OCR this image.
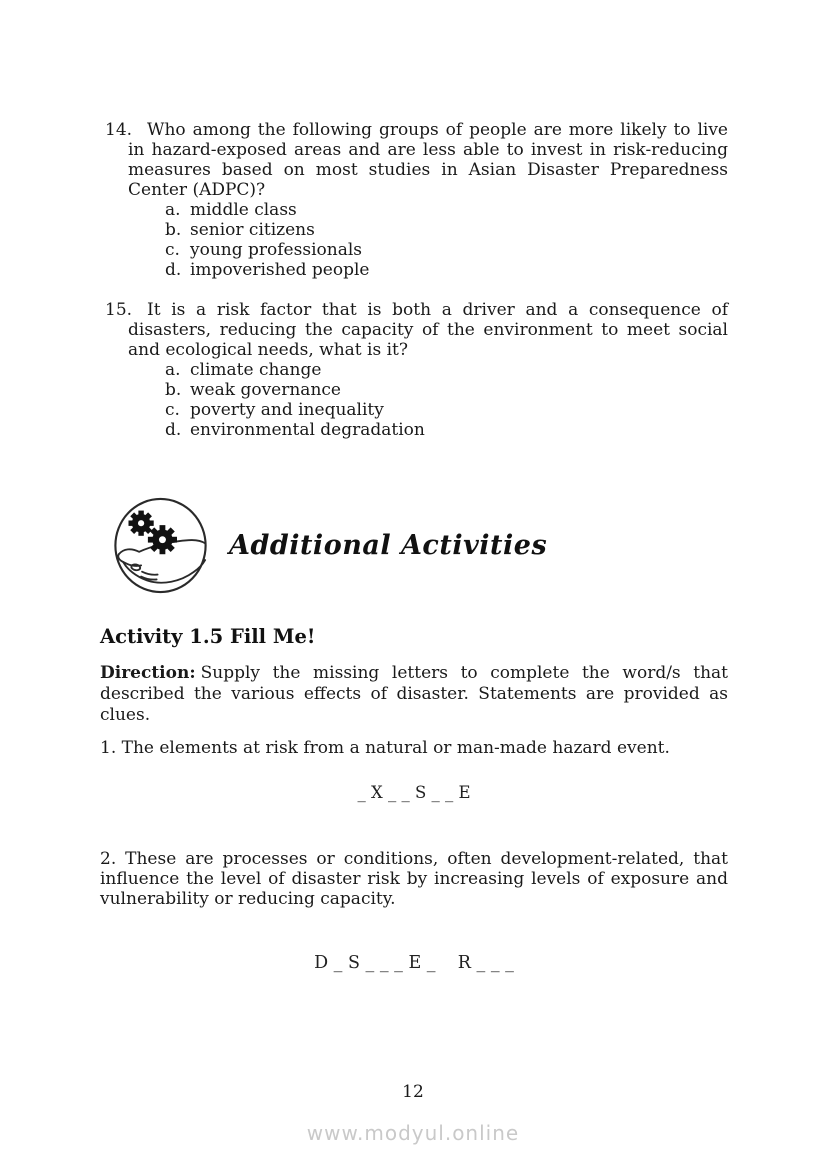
14. Who among the following groups of people are more likely to live in hazard-exposed areas and are less able to invest in risk-reducing measures based on most studies in Asian Disaster Preparedness Center (ADPC)?

a. middle class
b. senior citizens
c. young professionals
d. impoverished people

15. It is a risk factor that is both a driver and a consequence of disasters, reducing the capacity of the environment to meet social and ecological needs, what is it?

a. climate change
b. weak governance
c. poverty and inequality
d. environmental degradation
Additional Activities
Activity 1.5 Fill Me!

Direction: Supply the missing letters to complete the word/s that described the various effects of disaster. Statements are provided as clues.

1. The elements at risk from a natural or man-made hazard event.

_ X _ _ S _ _ E

2. These are processes or conditions, often development-related, that influence the level of disaster risk by increasing levels of exposure and vulnerability or reducing capacity.

D _ S _ _ _ E _    R _ _ _
12
www.modyul.online
